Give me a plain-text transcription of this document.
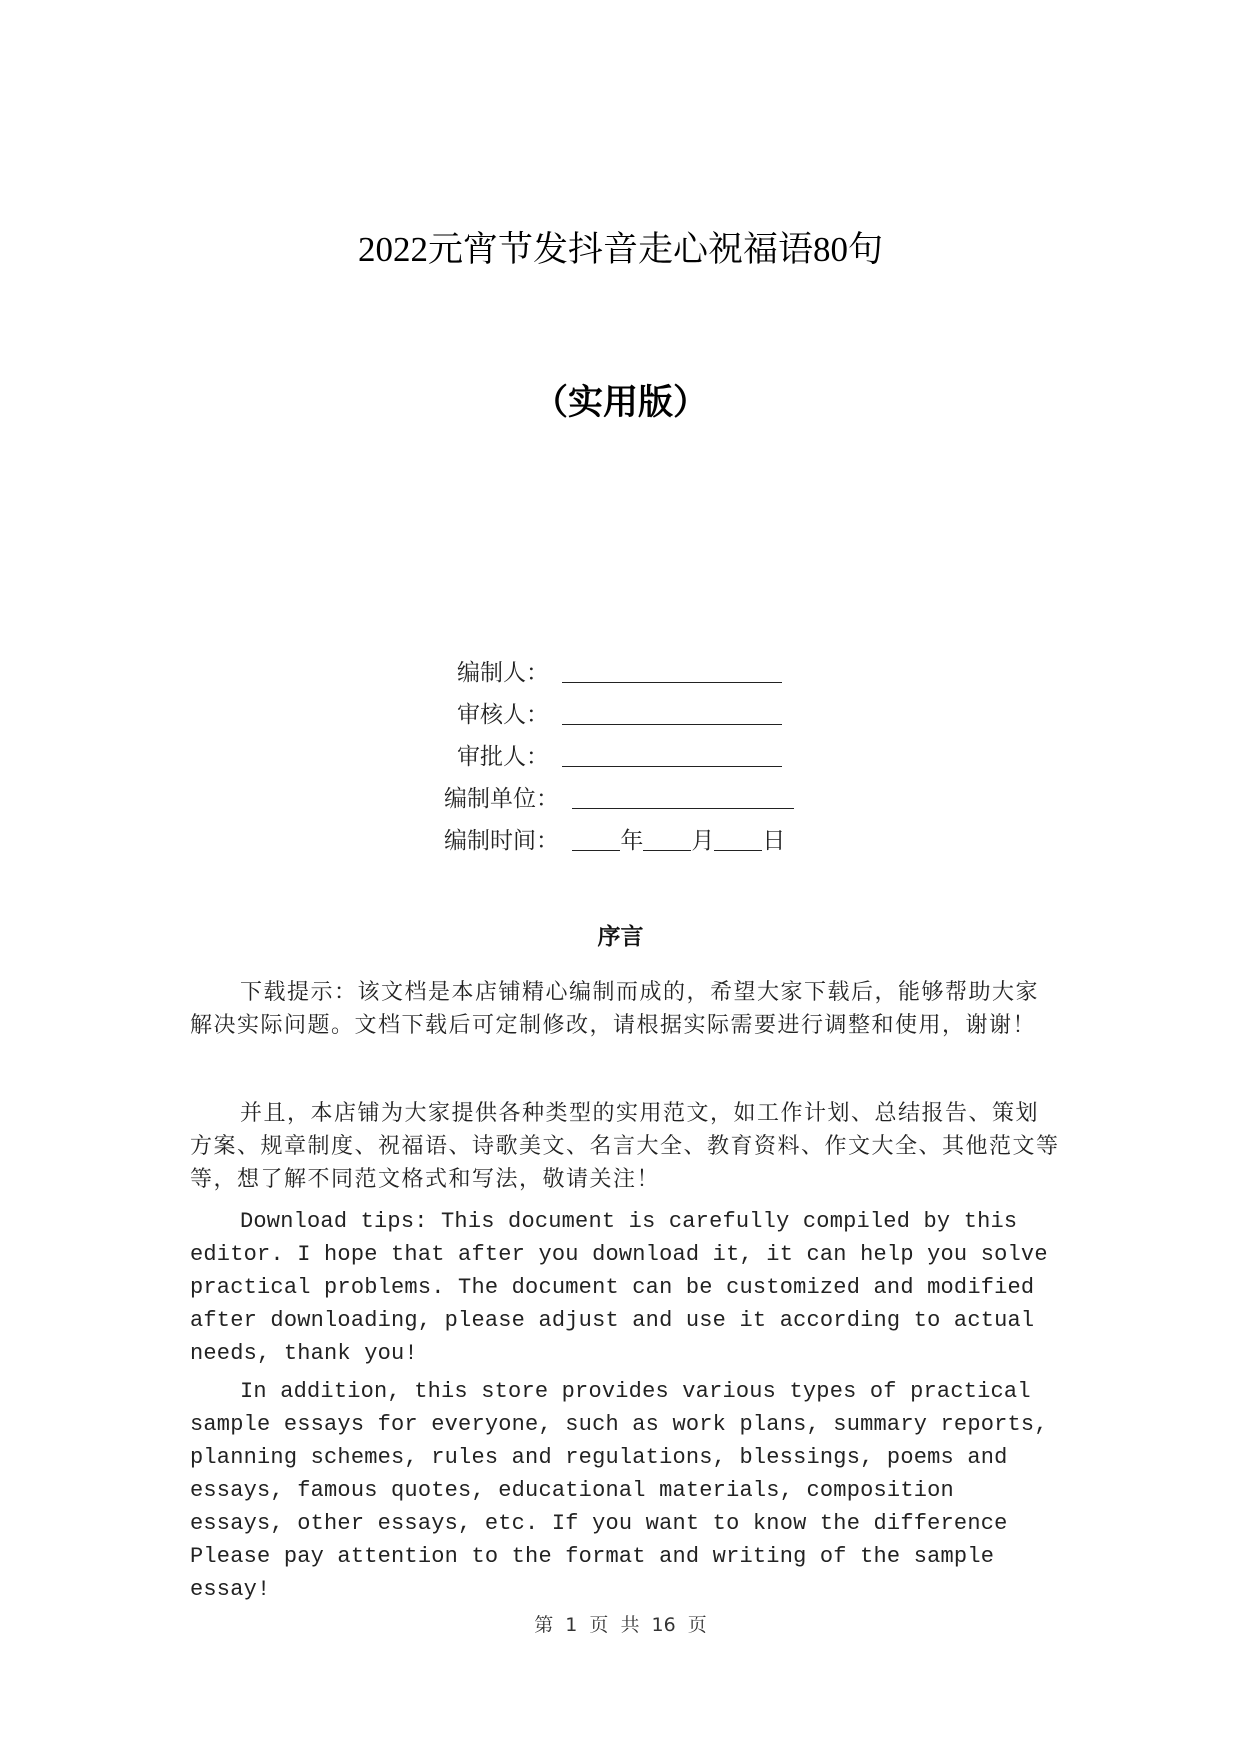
2022元宵节发抖音走心祝福语80句
（实用版）
编制人：
审核人：
审批人：
编制单位：
编制时间：	年 月 日
序言

下载提示：该文档是本店铺精心编制而成的，希望大家下载后，能够帮助大家解决实际问题。文档下载后可定制修改，请根据实际需要进行调整和使用，谢谢！

并且，本店铺为大家提供各种类型的实用范文，如工作计划、总结报告、策划方案、规章制度、祝福语、诗歌美文、名言大全、教育资料、作文大全、其他范文等等，想了解不同范文格式和写法，敬请关注！

Download tips: This document is carefully compiled by this editor. I hope that after you download it, it can help you solve practical problems. The document can be customized and modified after downloading, please adjust and use it according to actual needs, thank you!

In addition, this store provides various types of practical sample essays for everyone, such as work plans, summary reports, planning schemes, rules and regulations, blessings, poems and essays, famous quotes, educational materials, composition essays, other essays, etc. If you want to know the difference Please pay attention to the format and writing of the sample essay!

第 1 页 共 16 页
